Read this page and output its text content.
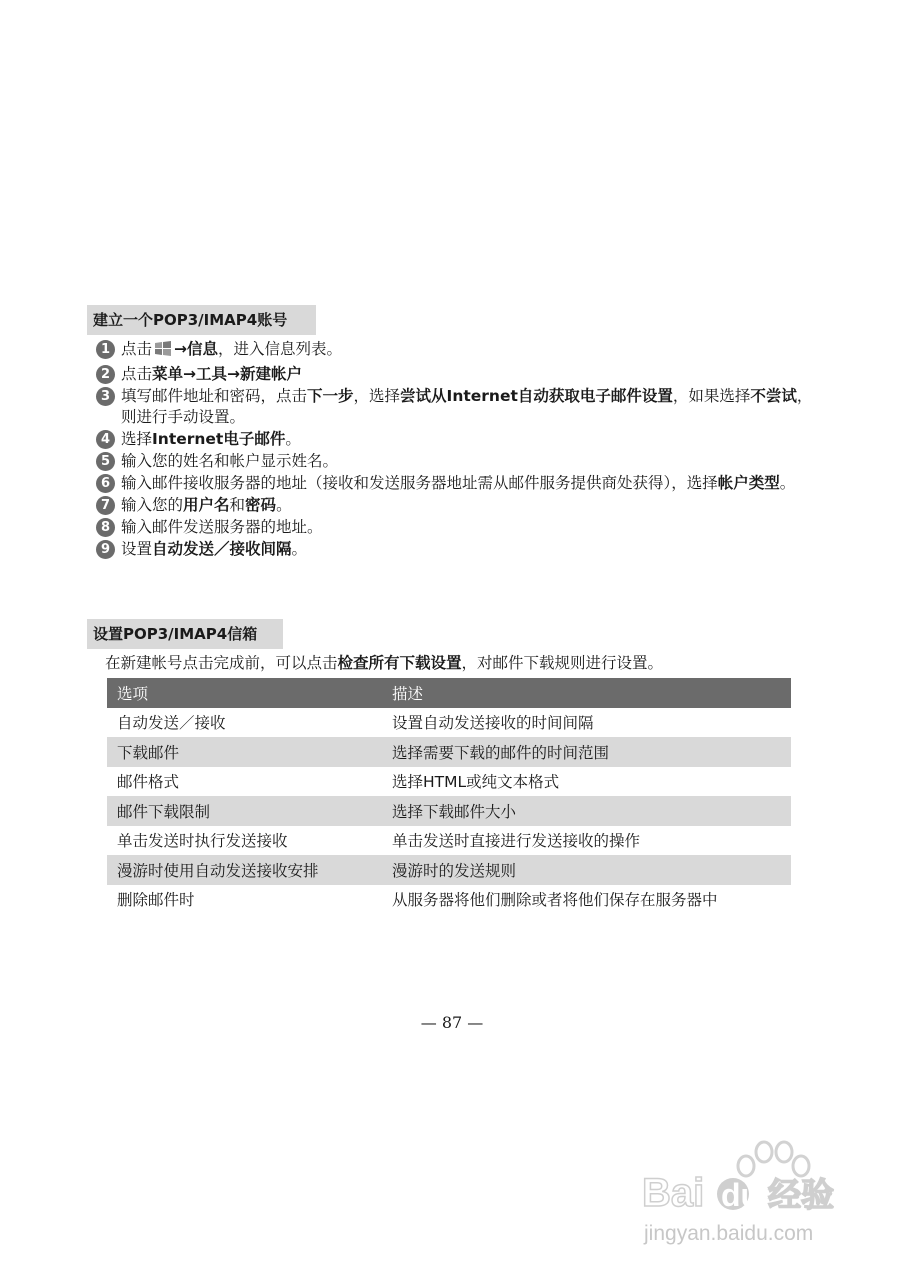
建立一个POP3/IMAP4账号
1 点击 →信息，进入信息列表。
2 点击菜单→工具→新建帐户
3 填写邮件地址和密码，点击下一步，选择尝试从Internet自动获取电子邮件设置，如果选择不尝试，则进行手动设置。
4 选择Internet电子邮件。
5 输入您的姓名和帐户显示姓名。
6 输入邮件接收服务器的地址（接收和发送服务器地址需从邮件服务提供商处获得），选择帐户类型。
7 输入您的用户名和密码。
8 输入邮件发送服务器的地址。
9 设置自动发送／接收间隔。
设置POP3/IMAP4信箱
在新建帐号点击完成前，可以点击检查所有下载设置，对邮件下载规则进行设置。
选项	描述
自动发送／接收	设置自动发送接收的时间间隔
下载邮件	选择需要下载的邮件的时间范围
邮件格式	选择HTML或纯文本格式
邮件下载限制	选择下载邮件大小
单击发送时执行发送接收	单击发送时直接进行发送接收的操作
漫游时使用自动发送接收安排	漫游时的发送规则
删除邮件时	从服务器将他们删除或者将他们保存在服务器中
— 87 —
Bai du 经验
jingyan.baidu.com
